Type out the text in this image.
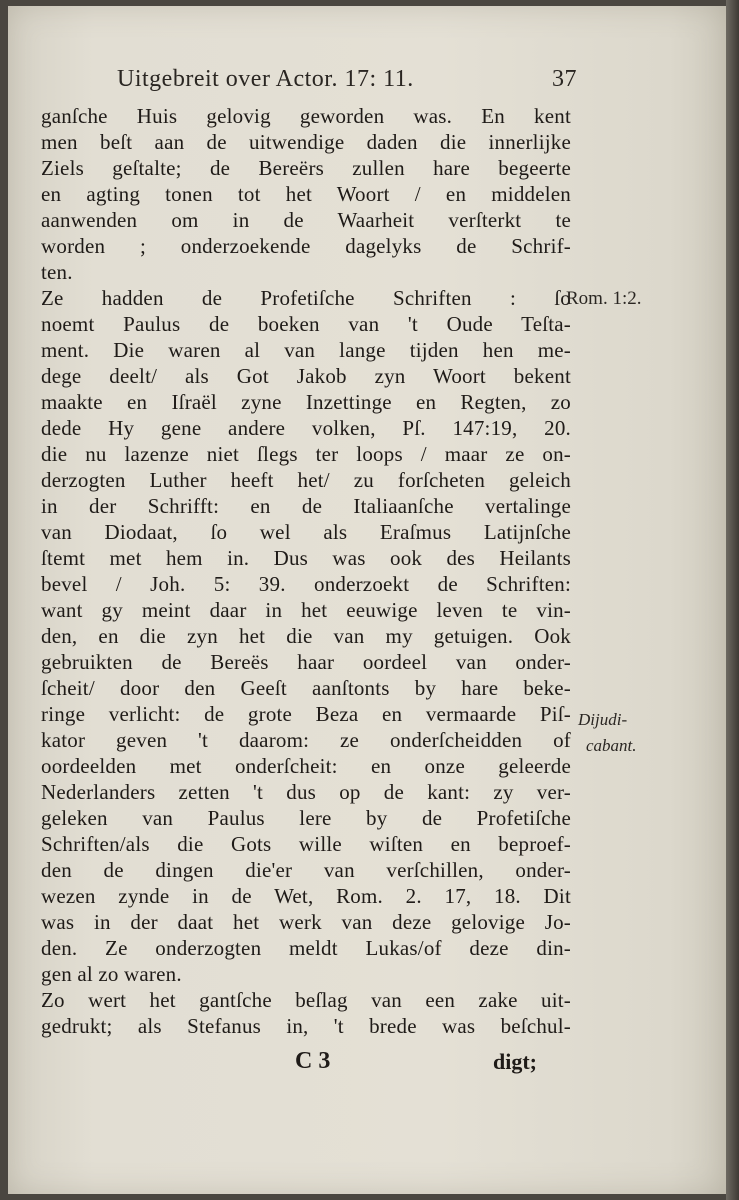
Uitgebreit over Actor. 17: 11.	37
ganſche Huis gelovig geworden was. En kent
men beſt aan de uitwendige daden die innerlijke
Ziels geſtalte; de Bereërs zullen hare begeerte
en agting tonen tot het Woort / en middelen
aanwenden om in de Waarheit verſterkt te
worden ; onderzoekende dagelyks de Schrif-
ten.
Ze hadden de Profetiſche Schriften : ſo
noemt Paulus de boeken van 't Oude Teſta-
ment. Die waren al van lange tijden hen me-
dege deelt/ als Got Jakob zyn Woort bekent
maakte en Iſraël zyne Inzettinge en Regten, zo
dede Hy gene andere volken, Pſ. 147:19, 20.
die nu lazenze niet ſlegs ter loops / maar ze on-
derzogten Luther heeft het/ zu forſcheten geleich
in der Schrifft: en de Italiaanſche vertalinge
van Diodaat, ſo wel als Eraſmus Latijnſche
ſtemt met hem in. Dus was ook des Heilants
bevel / Joh. 5: 39. onderzoekt de Schriften:
want gy meint daar in het eeuwige leven te vin-
den, en die zyn het die van my getuigen. Ook
gebruikten de Bereës haar oordeel van onder-
ſcheit/ door den Geeſt aanſtonts by hare beke-
ringe verlicht: de grote Beza en vermaarde Piſ-
kator geven 't daarom: ze onderſcheidden of
oordeelden met onderſcheit: en onze geleerde
Nederlanders zetten 't dus op de kant: zy ver-
geleken van Paulus lere by de Profetiſche
Schriften/als die Gots wille wiſten en beproef-
den de dingen die'er van verſchillen, onder-
wezen zynde in de Wet, Rom. 2. 17, 18. Dit
was in der daat het werk van deze gelovige Jo-
den. Ze onderzogten meldt Lukas/of deze din-
gen al zo waren.
Zo wert het gantſche beſlag van een zake uit-
gedrukt; als Stefanus in, 't brede was beſchul-
Rom. 1:2.
Dijudi-
cabant.
C 3	digt;
